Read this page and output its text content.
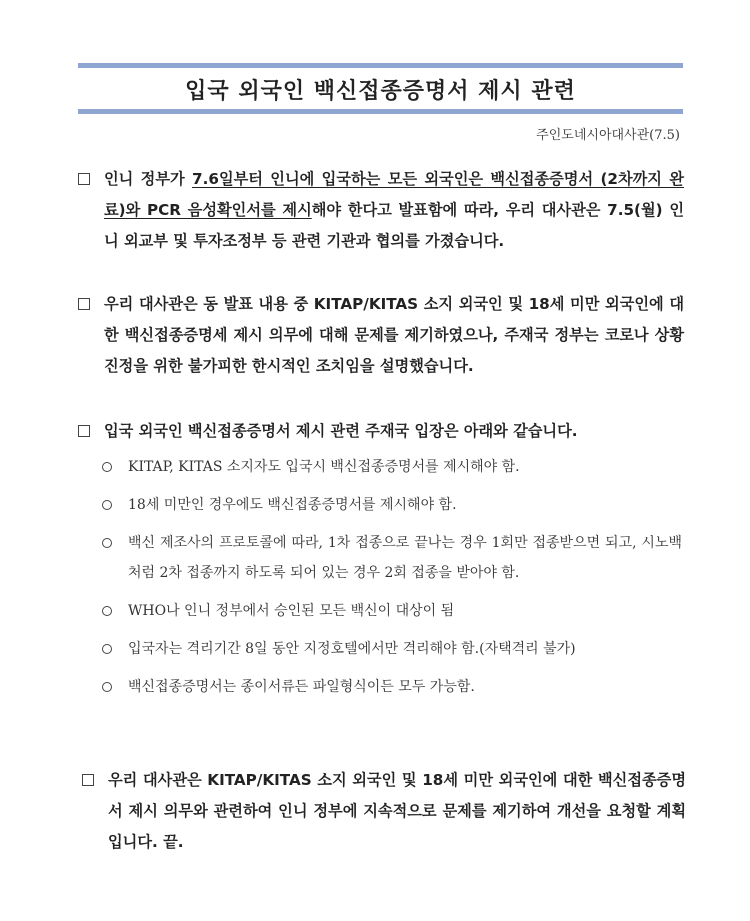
입국 외국인 백신접종증명서 제시 관련
주인도네시아대사관(7.5)
인니 정부가 7.6일부터 인니에 입국하는 모든 외국인은 백신접종증명서 (2차까지 완료)와 PCR 음성확인서를 제시해야 한다고 발표함에 따라, 우리 대사관은 7.5(월) 인니 외교부 및 투자조정부 등 관련 기관과 협의를 가졌습니다.
우리 대사관은 동 발표 내용 중 KITAP/KITAS 소지 외국인 및 18세 미만 외국인에 대한 백신접종증명세 제시 의무에 대해 문제를 제기하였으나, 주재국 정부는 코로나 상황 진정을 위한 불가피한 한시적인 조치임을 설명했습니다.
입국 외국인 백신접종증명서 제시 관련 주재국 입장은 아래와 같습니다.
KITAP, KITAS 소지자도 입국시 백신접종증명서를 제시해야 함.
18세 미만인 경우에도 백신접종증명서를 제시해야 함.
백신 제조사의 프로토콜에 따라, 1차 접종으로 끝나는 경우 1회만 접종받으면 되고, 시노백처럼 2차 접종까지 하도록 되어 있는 경우 2회 접종을 받아야 함.
WHO나 인니 정부에서 승인된 모든 백신이 대상이 됨
입국자는 격리기간 8일 동안 지정호텔에서만 격리해야 함.(자택격리 불가)
백신접종증명서는 종이서류든 파일형식이든 모두 가능함.
우리 대사관은 KITAP/KITAS 소지 외국인 및 18세 미만 외국인에 대한 백신접종증명서 제시 의무와 관련하여 인니 정부에 지속적으로 문제를 제기하여 개선을 요청할 계획입니다. 끝.
